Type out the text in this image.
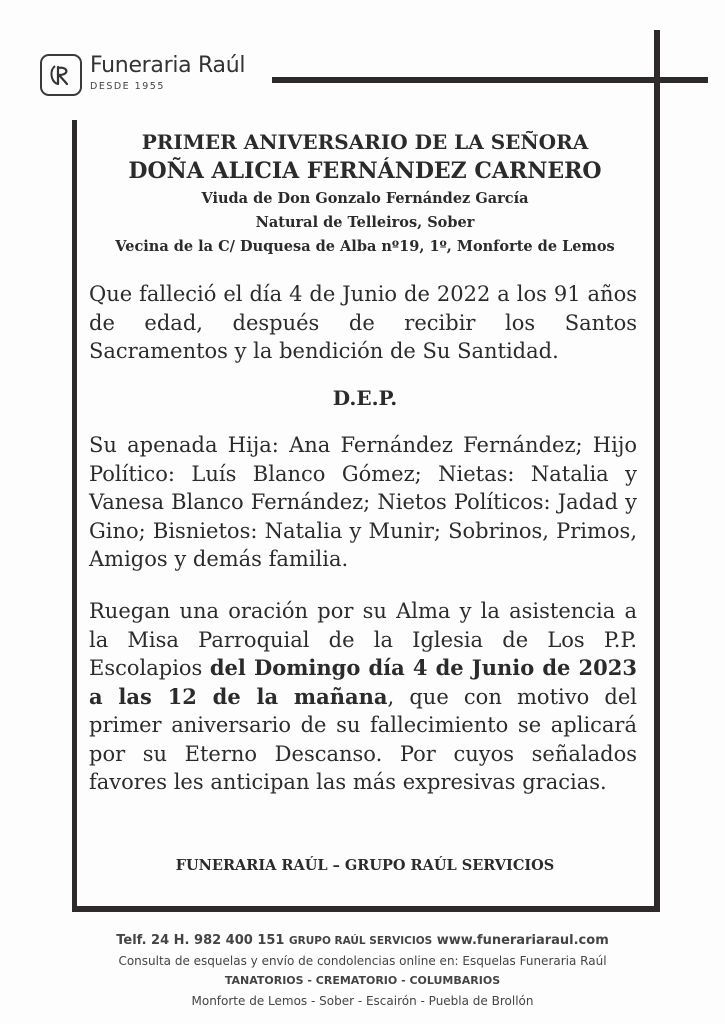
Funeraria Raúl
DESDE 1955
PRIMER ANIVERSARIO DE LA SEÑORA
DOÑA ALICIA FERNÁNDEZ CARNERO
Viuda de Don Gonzalo Fernández García
Natural de Telleiros, Sober
Vecina de la C/ Duquesa de Alba nº19, 1º, Monforte de Lemos
Que falleció el día 4 de Junio de 2022 a los 91 años de edad, después de recibir los Santos Sacramentos y la bendición de Su Santidad.
D.E.P.
Su apenada Hija: Ana Fernández Fernández; Hijo Político: Luís Blanco Gómez; Nietas: Natalia y Vanesa Blanco Fernández; Nietos Políticos: Jadad y Gino; Bisnietos: Natalia y Munir; Sobrinos, Primos, Amigos y demás familia.
Ruegan una oración por su Alma y la asistencia a la Misa Parroquial de la Iglesia de Los P.P. Escolapios del Domingo día 4 de Junio de 2023 a las 12 de la mañana, que con motivo del primer aniversario de su fallecimiento se aplicará por su Eterno Descanso. Por cuyos señalados favores les anticipan las más expresivas gracias.
FUNERARIA RAÚL – GRUPO RAÚL SERVICIOS
Telf. 24 H. 982 400 151 GRUPO RAÚL SERVICIOS www.funerariaraul.com
Consulta de esquelas y envío de condolencias online en: Esquelas Funeraria Raúl
TANATORIOS - CREMATORIO - COLUMBARIOS
Monforte de Lemos - Sober - Escairón - Puebla de Brollón
